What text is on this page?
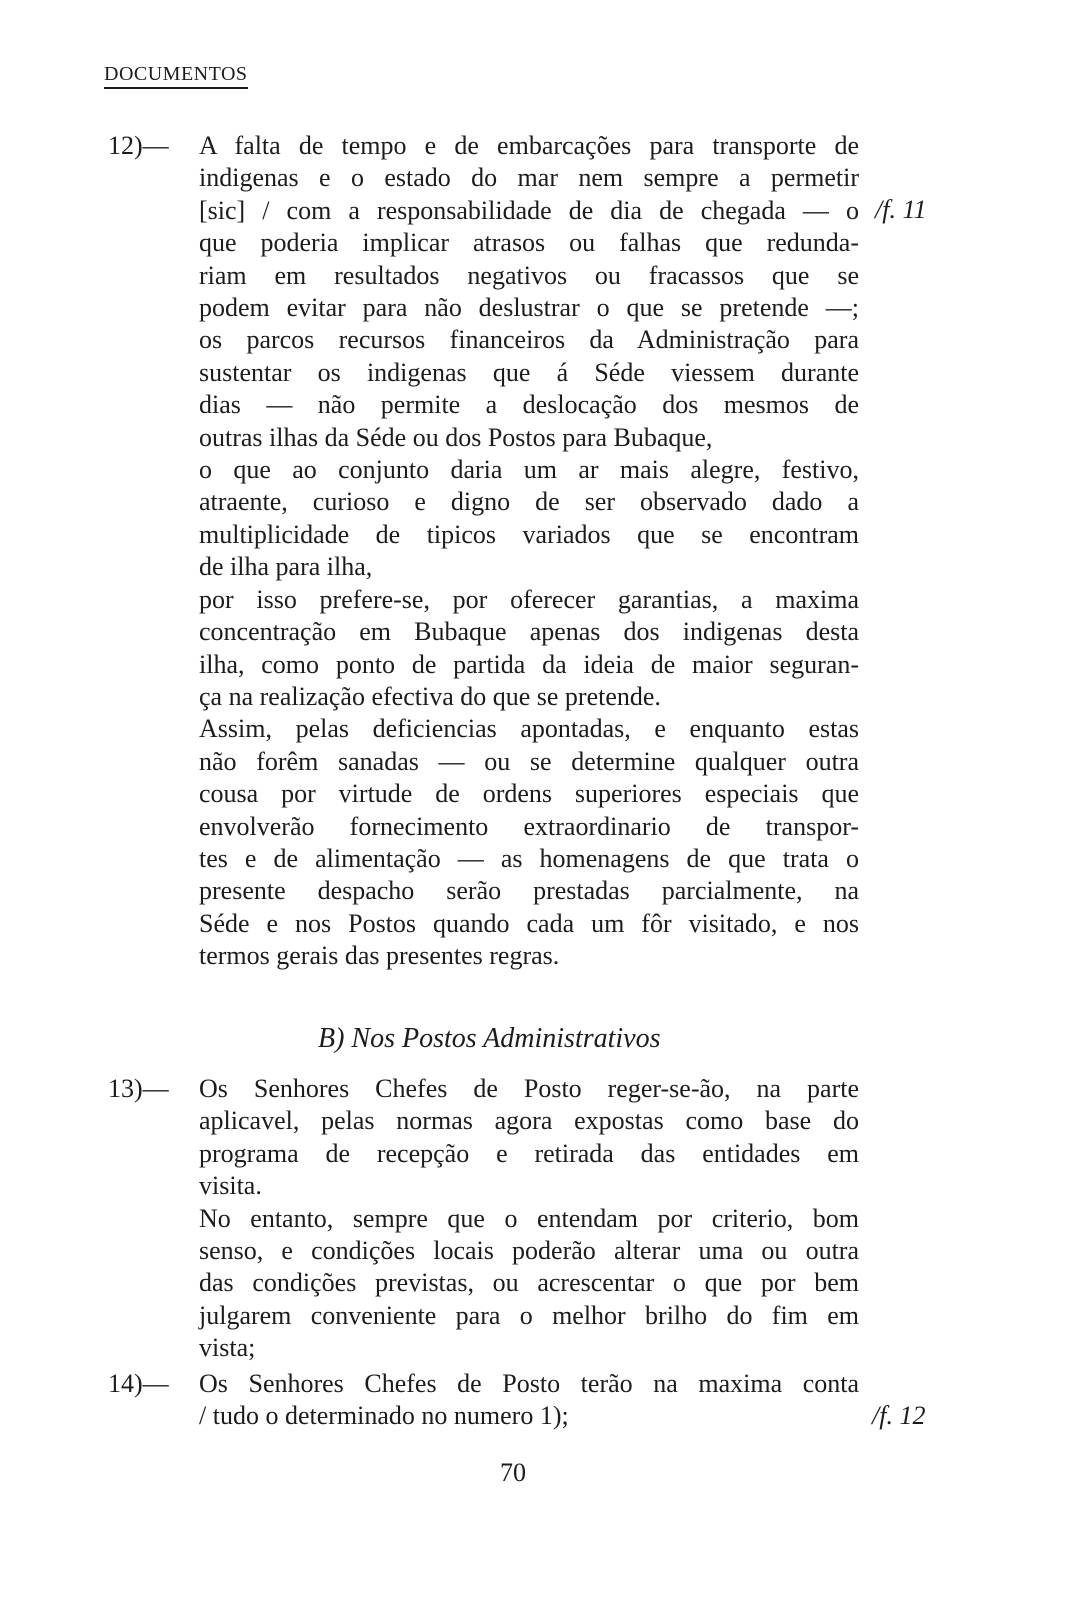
DOCUMENTOS
12)— A falta de tempo e de embarcações para transporte de
indigenas e o estado do mar nem sempre a permetir
[sic] / com a responsabilidade de dia de chegada — o
que poderia implicar atrasos ou falhas que redunda-
riam em resultados negativos ou fracassos que se
podem evitar para não deslustrar o que se pretende —;
os parcos recursos financeiros da Administração para
sustentar os indigenas que á Séde viessem durante
dias — não permite a deslocação dos mesmos de
outras ilhas da Séde ou dos Postos para Bubaque,
o que ao conjunto daria um ar mais alegre, festivo,
atraente, curioso e digno de ser observado dado a
multiplicidade de tipicos variados que se encontram
de ilha para ilha,
por isso prefere-se, por oferecer garantias, a maxima
concentração em Bubaque apenas dos indigenas desta
ilha, como ponto de partida da ideia de maior seguran-
ça na realização efectiva do que se pretende.
Assim, pelas deficiencias apontadas, e enquanto estas
não forêm sanadas — ou se determine qualquer outra
cousa por virtude de ordens superiores especiais que
envolverão fornecimento extraordinario de transpor-
tes e de alimentação — as homenagens de que trata o
presente despacho serão prestadas parcialmente, na
Séde e nos Postos quando cada um fôr visitado, e nos
termos gerais das presentes regras.
/f. 11
B) Nos Postos Administrativos
13)— Os Senhores Chefes de Posto reger-se-ão, na parte
aplicavel, pelas normas agora expostas como base do
programa de recepção e retirada das entidades em
visita.
No entanto, sempre que o entendam por criterio, bom
senso, e condições locais poderão alterar uma ou outra
das condições previstas, ou acrescentar o que por bem
julgarem conveniente para o melhor brilho do fim em
vista;
14)— Os Senhores Chefes de Posto terão na maxima conta
/ tudo o determinado no numero 1);	/f. 12
70
